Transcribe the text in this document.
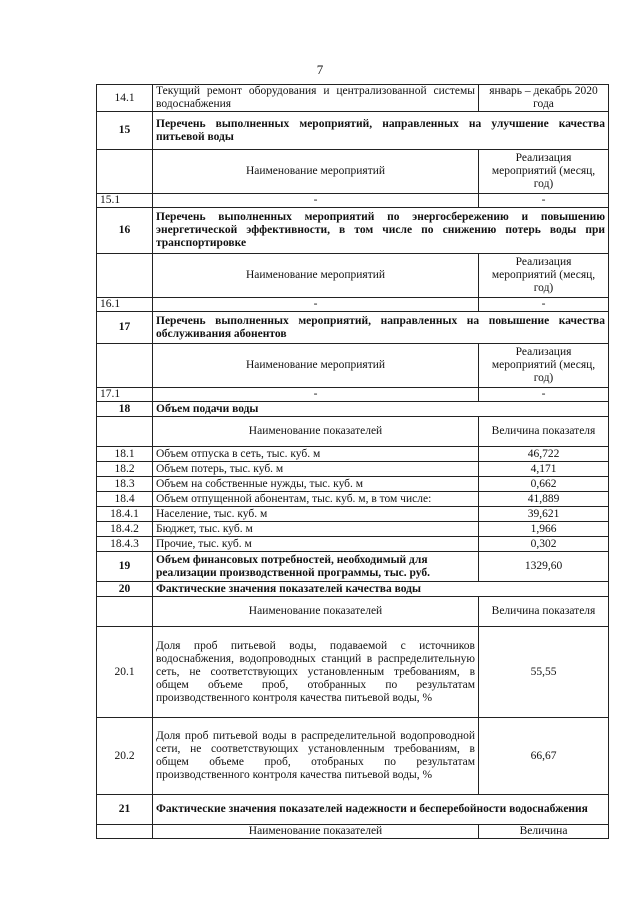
7
14.1	Текущий ремонт оборудования и централизованной системы водоснабжения	январь – декабрь 2020 года
15	Перечень выполненных мероприятий, направленных на улучшение качества питьевой воды	
	Наименование мероприятий	Реализация мероприятий (месяц, год)
15.1	-	-
16	Перечень выполненных мероприятий по энергосбережению и повышению энергетической эффективности, в том числе по снижению потерь воды при транспортировке	
	Наименование мероприятий	Реализация мероприятий (месяц, год)
16.1	-	-
17	Перечень выполненных мероприятий, направленных на повышение качества обслуживания абонентов	
	Наименование мероприятий	Реализация мероприятий (месяц, год)
17.1	-	-
18	Объем подачи воды	
	Наименование показателей	Величина показателя
18.1	Объем отпуска в сеть, тыс. куб. м	46,722
18.2	Объем потерь, тыс. куб. м	4,171
18.3	Объем на собственные нужды, тыс. куб. м	0,662
18.4	Объем отпущенной абонентам, тыс. куб. м, в том числе:	41,889
18.4.1	Население, тыс. куб. м	39,621
18.4.2	Бюджет, тыс. куб. м	1,966
18.4.3	Прочие, тыс. куб. м	0,302
19	Объем финансовых потребностей, необходимый для реализации производственной программы, тыс. руб.	1329,60
20	Фактические значения показателей качества воды	
	Наименование показателей	Величина показателя
20.1	Доля проб питьевой воды, подаваемой с источников водоснабжения, водопроводных станций в распределительную сеть, не соответствующих установленным требованиям, в общем объеме проб, отобранных по результатам производственного контроля качества питьевой воды, %	55,55
20.2	Доля проб питьевой воды в распределительной водопроводной сети, не соответствующих установленным требованиям, в общем объеме проб, отобраных по результатам производственного контроля качества питьевой воды, %	66,67
21	Фактические значения показателей надежности и бесперебойности водоснабжения	
	Наименование показателей	Величина
